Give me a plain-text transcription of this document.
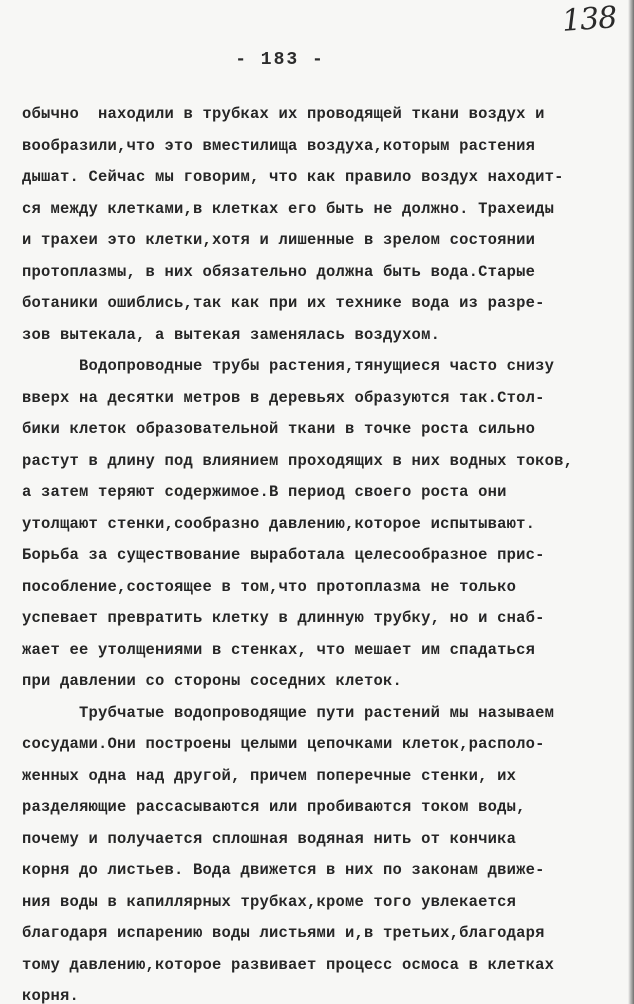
138
- 183 -
обычно  находили в трубках их проводящей ткани воздух и
вообразили,что это вместилища воздуха,которым растения
дышат. Сейчас мы говорим, что как правило воздух находит-
ся между клетками,в клетках его быть не должно. Трахеиды
и трахеи это клетки,хотя и лишенные в зрелом состоянии
протоплазмы, в них обязательно должна быть вода.Старые
ботаники ошиблись,так как при их технике вода из разре-
зов вытекала, а вытекая заменялась воздухом.
Водопроводные трубы растения,тянущиеся часто снизу
вверх на десятки метров в деревьях образуются так.Стол-
бики клеток образовательной ткани в точке роста сильно
растут в длину под влиянием проходящих в них водных токов,
а затем теряют содержимое.В период своего роста они
утолщают стенки,сообразно давлению,которое испытывают.
Борьба за существование выработала целесообразное прис-
пособление,состоящее в том,что протоплазма не только
успевает превратить клетку в длинную трубку, но и снаб-
жает ее утолщениями в стенках, что мешает им спадаться
при давлении со стороны соседних клеток.
Трубчатые водопроводящие пути растений мы называем
сосудами.Они построены целыми цепочками клеток,располо-
женных одна над другой, причем поперечные стенки, их
разделяющие рассасываются или пробиваются током воды,
почему и получается сплошная водяная нить от кончика
корня до листьев. Вода движется в них по законам движе-
ния воды в капиллярных трубках,кроме того увлекается
благодаря испарению воды листьями и,в третьих,благодаря
тому давлению,которое развивает процесс осмоса в клетках
корня.
